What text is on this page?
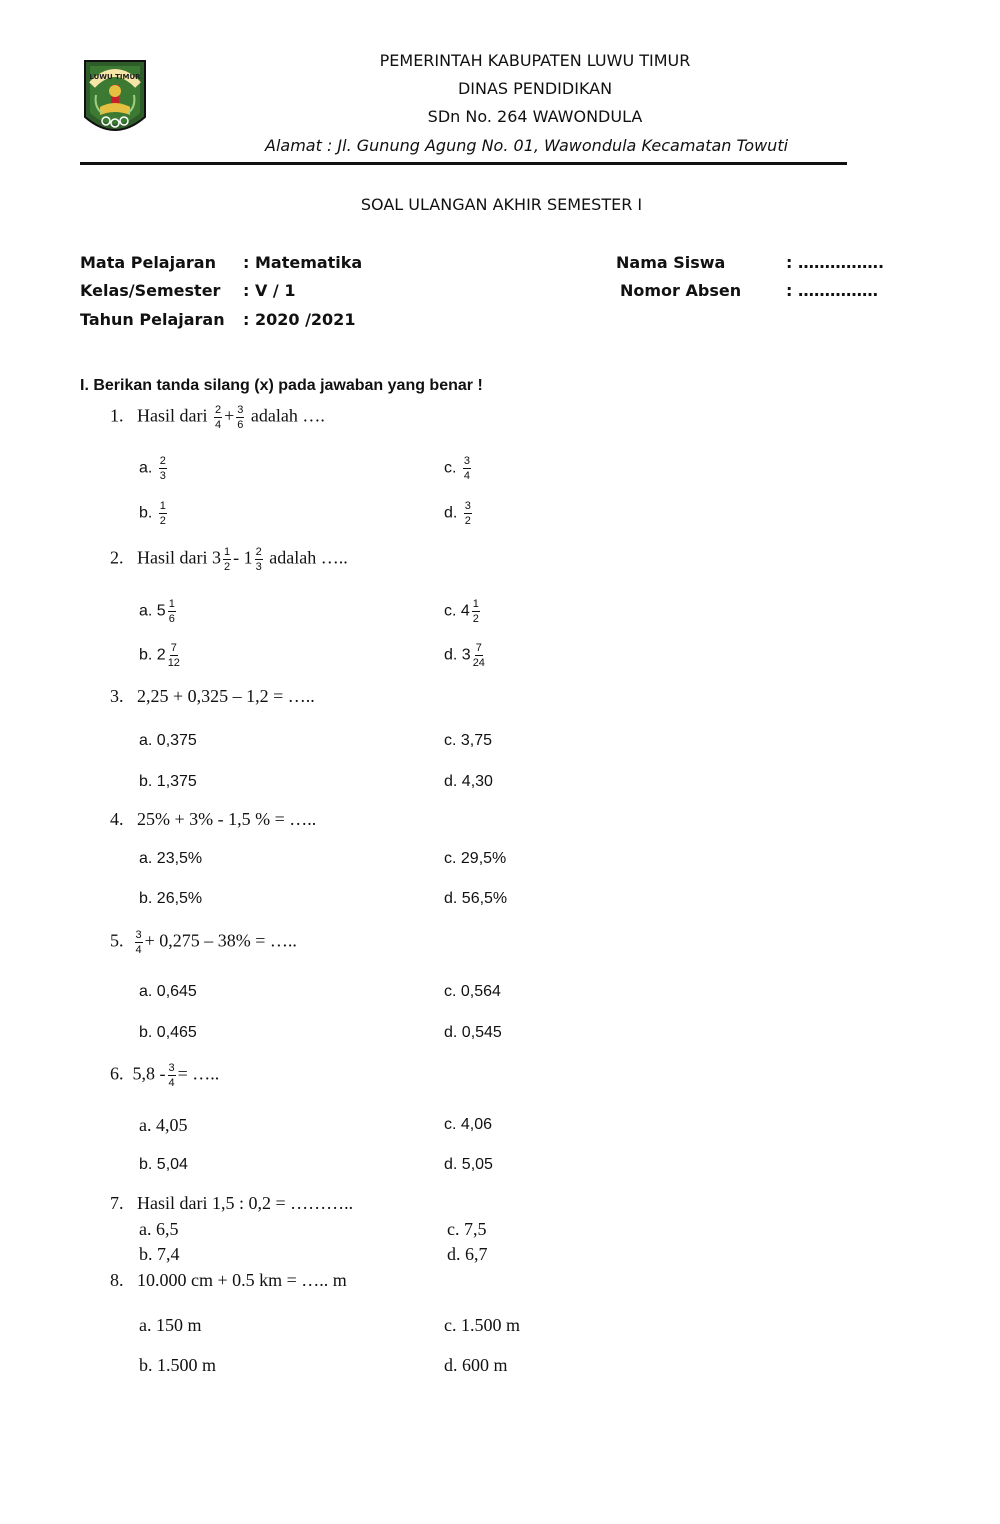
LUWU TIMUR
PEMERINTAH KABUPATEN LUWU TIMUR
DINAS PENDIDIKAN
SDn No. 264 WAWONDULA
Alamat : Jl. Gunung Agung No. 01, Wawondula Kecamatan Towuti
SOAL ULANGAN AKHIR SEMESTER I
Mata Pelajaran : Matematika
Kelas/Semester : V / 1
Tahun Pelajaran : 2020 /2021
Nama Siswa	: …………….
Nomor Absen	: ……………
I. Berikan tanda silang (x) pada jawaban yang benar !
1. Hasil dari $\frac{2}{4} + \frac{3}{6}$ adalah ….
a. $\frac{2}{3}$	c. $\frac{3}{4}$
b. $\frac{1}{2}$	d. $\frac{3}{2}$
2. Hasil dari $3 \frac{1}{2} - 1 \frac{2}{3}$ adalah …..
a. $5 \frac{1}{6}$	c. $4 \frac{1}{2}$
b. $2 \frac{7}{12}$	d. $3 \frac{7}{24}$
3. 2,25 + 0,325 – 1,2 = …..
a. 0,375	c. 3,75
b. 1,375	d. 4,30
4. 25% + 3% - 1,5 % = …..
a. 23,5%	c. 29,5%
b. 26,5%	d. 56,5%
5. $\frac{3}{4} + 0,275 - 38\%$ = …..
a. 0,645	c. 0,564
b. 0,465	d. 0,545
6. $5,8 - \frac{3}{4}$ = …..
a. 4,05	c. 4,06
b. 5,04	d. 5,05
7. Hasil dari 1,5 : 0,2 = ………..
a. 6,5	c. 7,5
b. 7,4	d. 6,7
8. 10.000 cm + 0.5 km = ….. m
a. 150 m	c. 1.500 m
b. 1.500 m	d. 600 m
